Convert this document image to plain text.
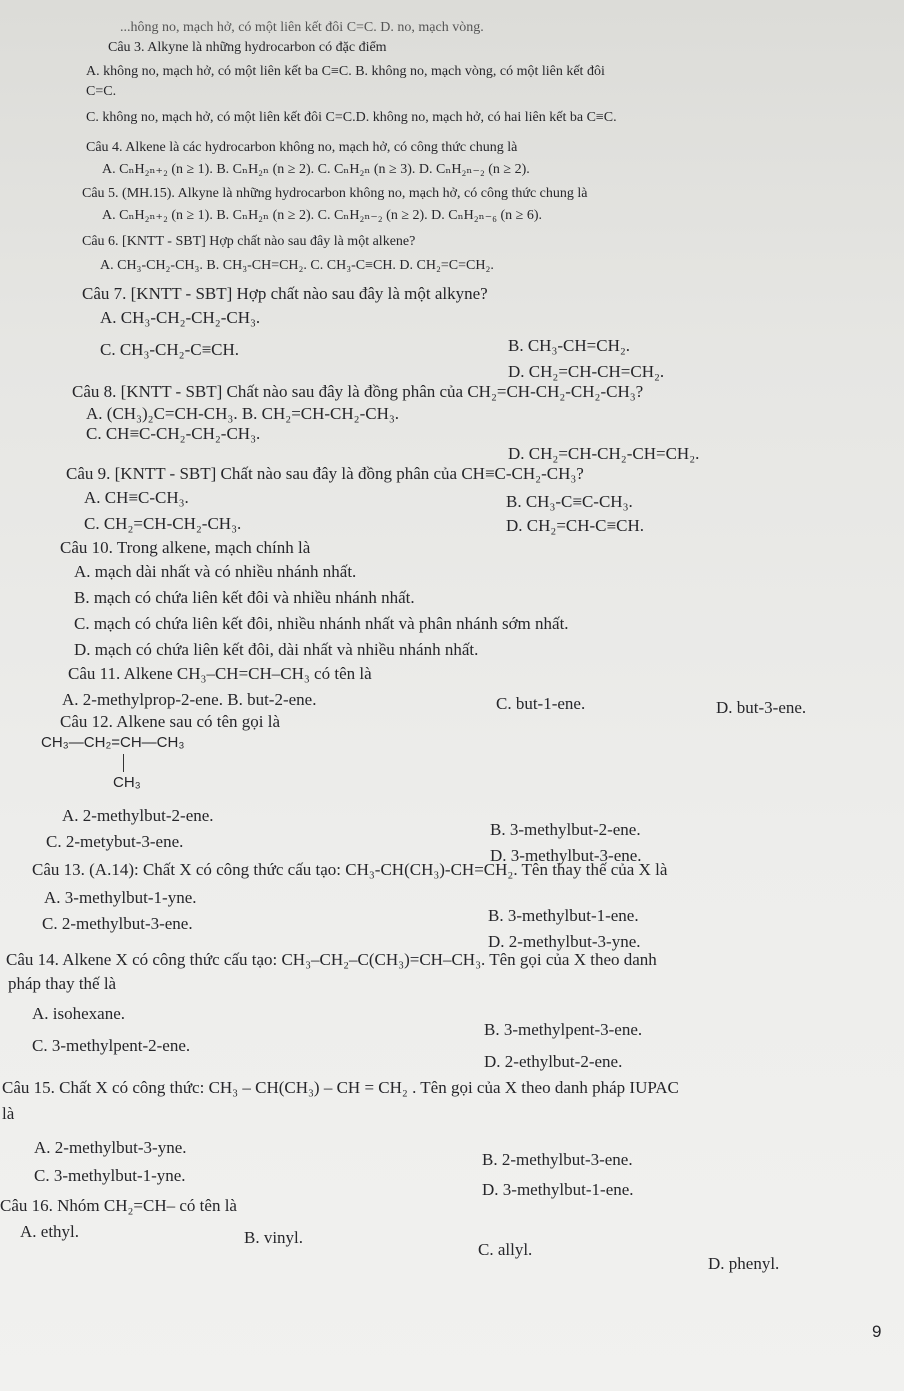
...hông no, mạch hở, có một liên kết đôi C=C. D. no, mạch vòng.
Câu 3. Alkyne là những hydrocarbon có đặc điểm
A. không no, mạch hở, có một liên kết ba C≡C. B. không no, mạch vòng, có một liên kết đôi
C=C.
C. không no, mạch hở, có một liên kết đôi C=C.D. không no, mạch hở, có hai liên kết ba C≡C.
Câu 4. Alkene là các hydrocarbon không no, mạch hở, có công thức chung là
A. CₙH₂ₙ₊₂ (n ≥ 1). B. CₙH₂ₙ (n ≥ 2). C. CₙH₂ₙ (n ≥ 3). D. CₙH₂ₙ₋₂ (n ≥ 2).
Câu 5. (MH.15). Alkyne là những hydrocarbon không no, mạch hở, có công thức chung là
A. CₙH₂ₙ₊₂ (n ≥ 1). B. CₙH₂ₙ (n ≥ 2). C. CₙH₂ₙ₋₂ (n ≥ 2). D. CₙH₂ₙ₋₆ (n ≥ 6).
Câu 6. [KNTT - SBT] Hợp chất nào sau đây là một alkene?
A. CH₃-CH₂-CH₃. B. CH₃-CH=CH₂. C. CH₃-C≡CH. D. CH₂=C=CH₂.
Câu 7. [KNTT - SBT] Hợp chất nào sau đây là một alkyne?
A. CH₃-CH₂-CH₂-CH₃.
B. CH₃-CH=CH₂.
C. CH₃-CH₂-C≡CH.
D. CH₂=CH-CH=CH₂.
Câu 8. [KNTT - SBT] Chất nào sau đây là đồng phân của CH₂=CH-CH₂-CH₂-CH₃?
A. (CH₃)₂C=CH-CH₃. B. CH₂=CH-CH₂-CH₃.
C. CH≡C-CH₂-CH₂-CH₃.
D. CH₂=CH-CH₂-CH=CH₂.
Câu 9. [KNTT - SBT] Chất nào sau đây là đồng phân của CH≡C-CH₂-CH₃?
A. CH≡C-CH₃.	B. CH₃-C≡C-CH₃.
C. CH₂=CH-CH₂-CH₃.	D. CH₂=CH-C≡CH.
Câu 10. Trong alkene, mạch chính là
A. mạch dài nhất và có nhiều nhánh nhất.
B. mạch có chứa liên kết đôi và nhiều nhánh nhất.
C. mạch có chứa liên kết đôi, nhiều nhánh nhất và phân nhánh sớm nhất.
D. mạch có chứa liên kết đôi, dài nhất và nhiều nhánh nhất.
Câu 11. Alkene CH₃–CH=CH–CH₃ có tên là
A. 2-methylprop-2-ene. B. but-2-ene.	C. but-1-ene.	D. but-3-ene.
Câu 12. Alkene sau có tên gọi là
CH₃—CH₂=CH—CH₃
CH₃
A. 2-methylbut-2-ene.
B. 3-methylbut-2-ene.
C. 2-metybut-3-ene.
D. 3-methylbut-3-ene.
Câu 13. (A.14): Chất X có công thức cấu tạo: CH₃-CH(CH₃)-CH=CH₂. Tên thay thế của X là
A. 3-methylbut-1-yne.
B. 3-methylbut-1-ene.
C. 2-methylbut-3-ene.
D. 2-methylbut-3-yne.
Câu 14. Alkene X có công thức cấu tạo: CH₃–CH₂–C(CH₃)=CH–CH₃. Tên gọi của X theo danh
pháp thay thế là
A. isohexane.
B. 3-methylpent-3-ene.
C. 3-methylpent-2-ene.
D. 2-ethylbut-2-ene.
Câu 15. Chất X có công thức: CH₃ – CH(CH₃) – CH = CH₂ . Tên gọi của X theo danh pháp IUPAC
là
A. 2-methylbut-3-yne.
B. 2-methylbut-3-ene.
C. 3-methylbut-1-yne.
D. 3-methylbut-1-ene.
Câu 16. Nhóm CH₂=CH– có tên là
A. ethyl.	B. vinyl.
C. allyl.
D. phenyl.
9
